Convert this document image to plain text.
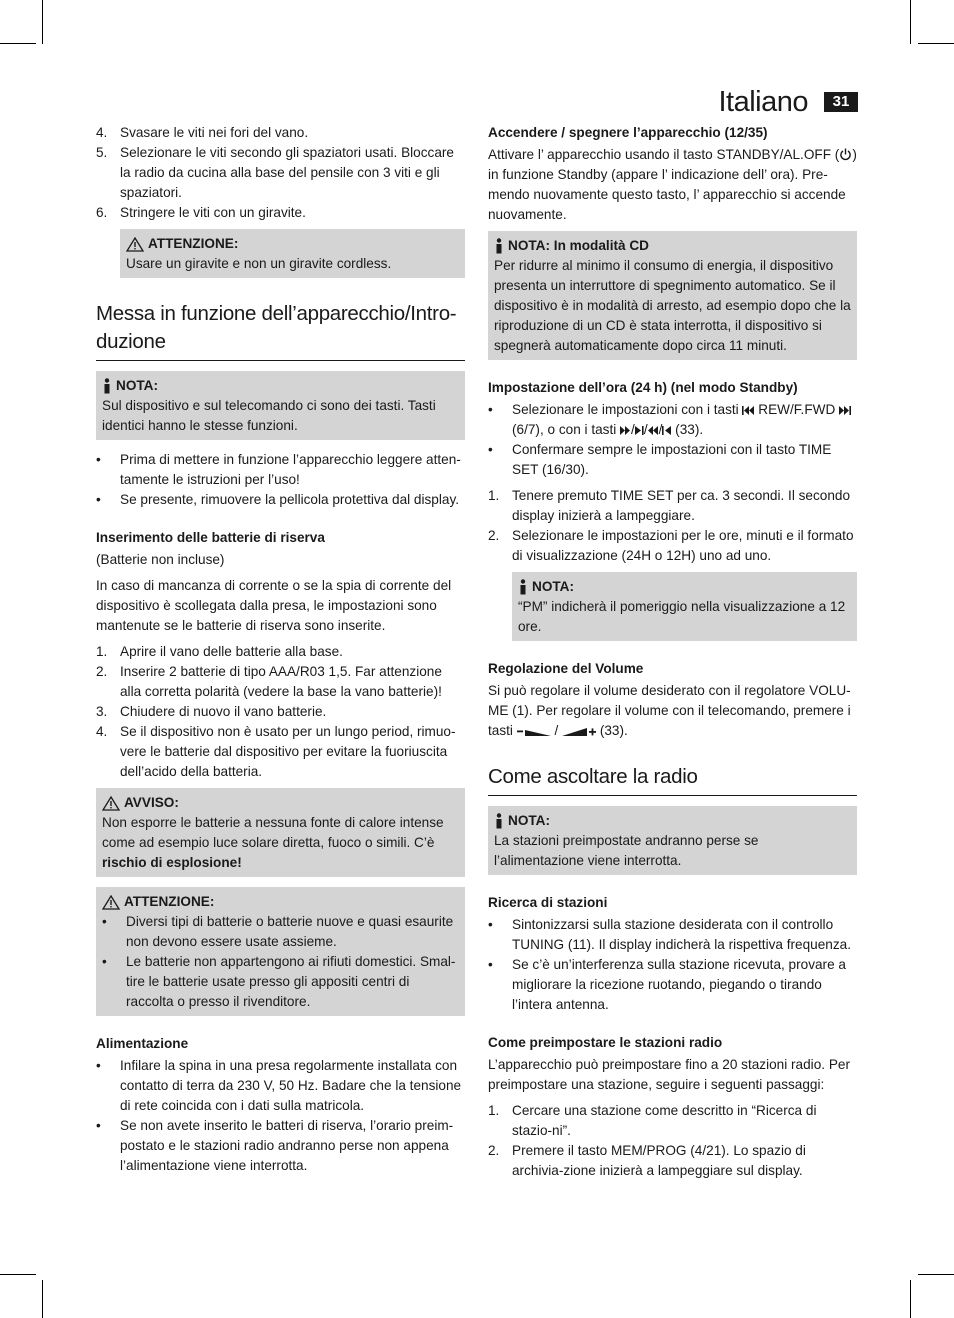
Italiano	31
4. Svasare le viti nei fori del vano.
5. Selezionare le viti secondo gli spaziatori usati. Bloccare la radio da cucina alla base del pensile con 3 viti e gli spaziatori.
6. Stringere le viti con un giravite.
ATTENZIONE:
Usare un giravite e non un giravite cordless.
Messa in funzione dell’apparecchio/Intro-duzione
NOTA:
Sul dispositivo e sul telecomando ci sono dei tasti. Tasti identici hanno le stesse funzioni.
•	Prima di mettere in funzione l’apparecchio leggere atten-tamente le istruzioni per l’uso!
•	Se presente, rimuovere la pellicola protettiva dal display.
Inserimento delle batterie di riserva

(Batterie non incluse)

In caso di mancanza di corrente o se la spia di corrente del dispositivo è scollegata dalla presa, le impostazioni sono mantenute se le batterie di riserva sono inserite.

1. Aprire il vano delle batterie alla base.
2. Inserire 2 batterie di tipo AAA/R03 1,5. Far attenzione alla corretta polarità (vedere la base la vano batterie)!
3. Chiudere di nuovo il vano batterie.
4. Se il dispositivo non è usato per un lungo period, rimuo-vere le batterie dal dispositivo per evitare la fuoriuscita dell’acido della batteria.
AVVISO:
Non esporre le batterie a nessuna fonte di calore intense come ad esempio luce solare diretta, fuoco o simili. C’è rischio di esplosione!
ATTENZIONE:
•	Diversi tipi di batterie o batterie nuove e quasi esaurite non devono essere usate assieme.
•	Le batterie non appartengono ai rifiuti domestici. Smal-tire le batterie usate presso gli appositi centri di raccolta o presso il rivenditore.
Alimentazione
•	Infilare la spina in una presa regolarmente installata con contatto di terra da 230 V, 50 Hz. Badare che la tensione di rete coincida con i dati sulla matricola.
•	Se non avete inserito le batteri di riserva, l’orario preim-postato e le stazioni radio andranno perse non appena l’alimentazione viene interrotta.
Accendere / spegnere l’apparecchio (12/35)

Attivare l’ apparecchio usando il tasto STANDBY/AL.OFF ( ) in funzione Standby (appare l’ indicazione dell’ ora). Pre-mendo nuovamente questo tasto, l’ apparecchio si accende nuovamente.

NOTA: In modalità CD
Per ridurre al minimo il consumo di energia, il dispositivo presenta un interruttore di spegnimento automatico. Se il dispositivo è in modalità di arresto, ad esempio dopo che la riproduzione di un CD è stata interrotta, il dispositivo si spegnerà automaticamente dopo circa 11 minuti.
Impostazione dell’ora (24 h) (nel modo Standby)
•	Selezionare le impostazioni con i tasti REW/F.FWD  (6/7), o con i tasti / / / (33).
•	Confermare sempre le impostazioni con il tasto TIME SET (16/30).
1. Tenere premuto TIME SET per ca. 3 secondi. Il secondo display inizierà a lampeggiare.
2. Selezionare le impostazioni per le ore, minuti e il formato di visualizzazione (24H o 12H) uno ad uno.
NOTA:
“PM” indicherà il pomeriggio nella visualizzazione a 12 ore.
Regolazione del Volume

Si può regolare il volume desiderato con il regolatore VOLU-ME (1). Per regolare il volume con il telecomando, premere i tasti	/	(33).

Come ascoltare la radio
NOTA:
La stazioni preimpostate andranno perse se l’alimentazione viene interrotta.
Ricerca di stazioni
•	Sintonizzarsi sulla stazione desiderata con il controllo TUNING (11). Il display indicherà la rispettiva frequenza.
•	Se c’è un’interferenza sulla stazione ricevuta, provare a migliorare la ricezione ruotando, piegando o tirando l’intera antenna.
Come preimpostare le stazioni radio

L’apparecchio può preimpostare fino a 20 stazioni radio. Per preimpostare una stazione, seguire i seguenti passaggi:

1. Cercare una stazione come descritto in “Ricerca di stazio-ni”.
2. Premere il tasto MEM/PROG (4/21). Lo spazio di archivia-zione inizierà a lampeggiare sul display.
